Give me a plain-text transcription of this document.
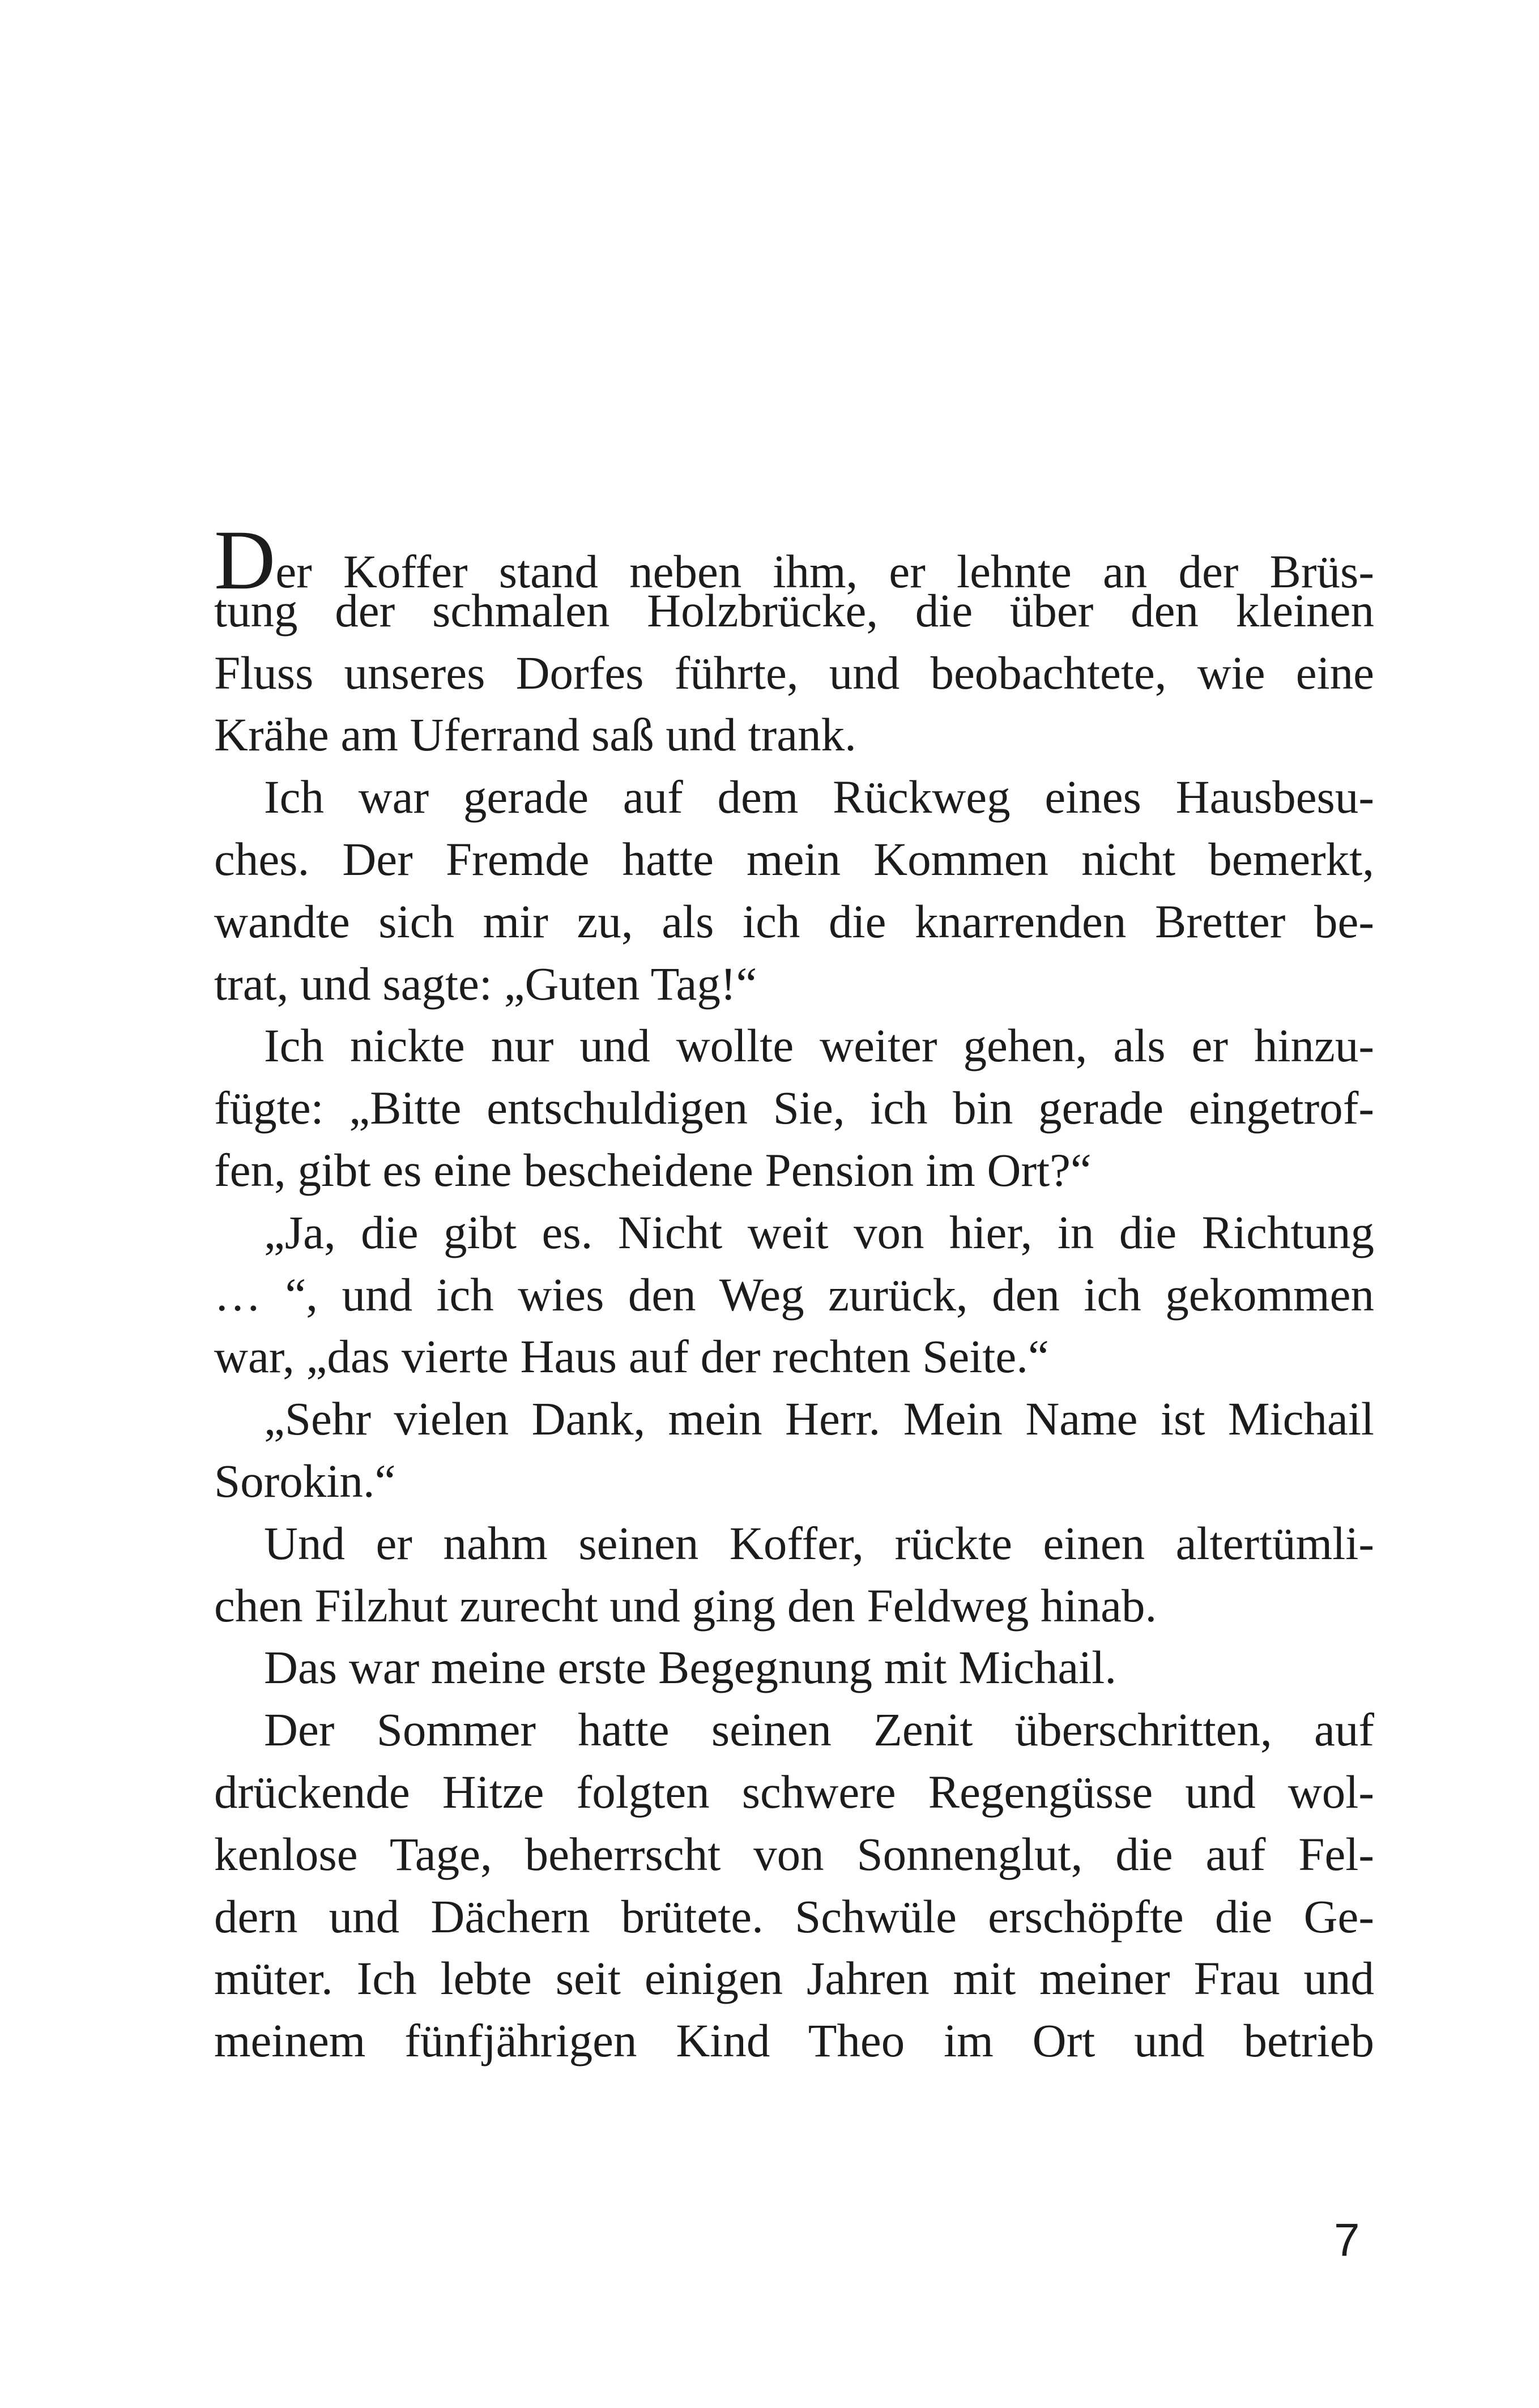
Der Koffer stand neben ihm, er lehnte an der Brüs-
tung der schmalen Holzbrücke, die über den kleinen
Fluss unseres Dorfes führte, und beobachtete, wie eine
Krähe am Uferrand saß und trank.
Ich war gerade auf dem Rückweg eines Hausbesu-
ches. Der Fremde hatte mein Kommen nicht bemerkt,
wandte sich mir zu, als ich die knarrenden Bretter be-
trat, und sagte: „Guten Tag!“
Ich nickte nur und wollte weiter gehen, als er hinzu-
fügte: „Bitte entschuldigen Sie, ich bin gerade eingetrof-
fen, gibt es eine bescheidene Pension im Ort?“
„Ja, die gibt es. Nicht weit von hier, in die Richtung
… “, und ich wies den Weg zurück, den ich gekommen
war, „das vierte Haus auf der rechten Seite.“
„Sehr vielen Dank, mein Herr. Mein Name ist Michail
Sorokin.“
Und er nahm seinen Koffer, rückte einen altertümli-
chen Filzhut zurecht und ging den Feldweg hinab.
Das war meine erste Begegnung mit Michail.
Der Sommer hatte seinen Zenit überschritten, auf
drückende Hitze folgten schwere Regengüsse und wol-
kenlose Tage, beherrscht von Sonnenglut, die auf Fel-
dern und Dächern brütete. Schwüle erschöpfte die Ge-
müter. Ich lebte seit einigen Jahren mit meiner Frau und
meinem fünfjährigen Kind Theo im Ort und betrieb
7
